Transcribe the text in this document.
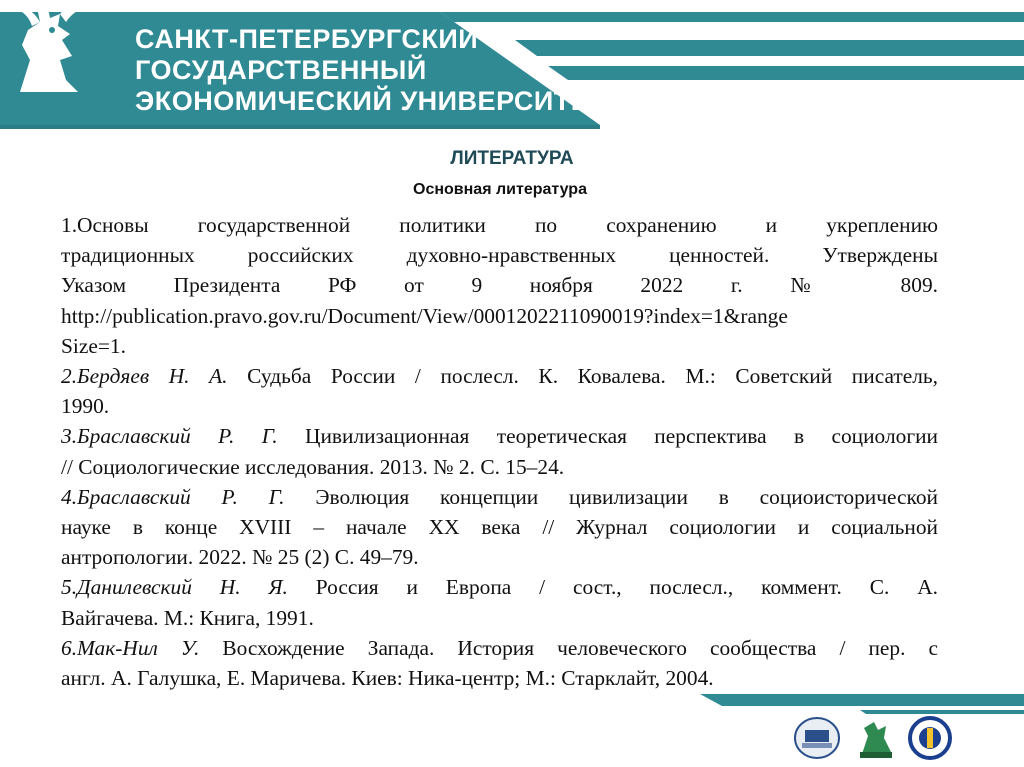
САНКТ-ПЕТЕРБУРГСКИЙ
ГОСУДАРСТВЕННЫЙ
ЭКОНОМИЧЕСКИЙ УНИВЕРСИТЕТ
ЛИТЕРАТУРА
Основная литература
1.Основы государственной политики по сохранению и укреплению
традиционных российских духовно-нравственных ценностей. Утверждены
Указом Президента РФ от 9 ноября 2022 г. № 809.
http://publication.pravo.gov.ru/Document/View/0001202211090019?index=1&range
Size=1.
2.Бердяев Н. А. Судьба России / послесл. К. Ковалева. М.: Советский писатель,
1990.
3.Браславский Р. Г. Цивилизационная теоретическая перспектива в социологии
// Социологические исследования. 2013. № 2. С. 15–24.
4.Браславский Р. Г. Эволюция концепции цивилизации в социоисторической
науке в конце XVIII – начале XX века // Журнал социологии и социальной
антропологии. 2022. № 25 (2) С. 49–79.
5.Данилевский Н. Я. Россия и Европа / сост., послесл., коммент. С. А.
Вайгачева. М.: Книга, 1991.
6.Мак-Нил У. Восхождение Запада. История человеческого сообщества / пер. с
англ. А. Галушка, Е. Маричева. Киев: Ника-центр; М.: Старклайт, 2004.
